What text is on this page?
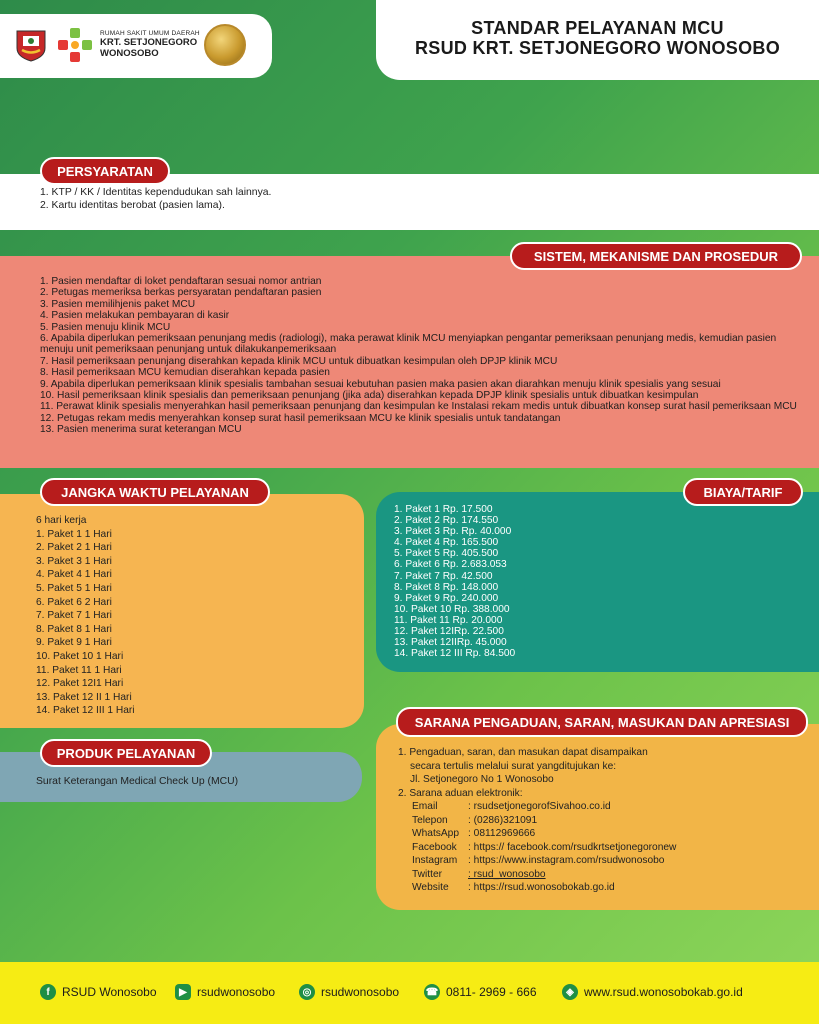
RUMAH SAKIT UMUM DAERAH
KRT. SETJONEGORO
WONOSOBO
STANDAR PELAYANAN MCU
RSUD KRT. SETJONEGORO WONOSOBO
1. KTP / KK / Identitas kependudukan sah lainnya.
2. Kartu identitas berobat (pasien lama).
PERSYARATAN
1. Pasien mendaftar di loket pendaftaran sesuai nomor antrian
2. Petugas memeriksa berkas persyaratan pendaftaran pasien
3. Pasien memilihjenis paket MCU
4. Pasien melakukan pembayaran di kasir
5. Pasien menuju klinik MCU
6. Apabila diperlukan pemeriksaan penunjang medis (radiologi), maka perawat klinik MCU menyiapkan pengantar pemeriksaan penunjang medis, kemudian pasien menuju unit pemeriksaan penunjang untuk dilakukanpemeriksaan
7. Hasil pemeriksaan penunjang diserahkan kepada klinik MCU untuk dibuatkan kesimpulan oleh DPJP klinik MCU
8. Hasil pemeriksaan MCU kemudian diserahkan kepada pasien
9. Apabila diperlukan pemeriksaan klinik spesialis tambahan sesuai kebutuhan pasien maka pasien akan diarahkan menuju klinik spesialis yang sesuai
10. Hasil pemeriksaan klinik spesialis dan pemeriksaan penunjang (jika ada) diserahkan kepada DPJP klinik spesialis untuk dibuatkan kesimpulan
11. Perawat klinik spesialis menyerahkan hasil pemeriksaan penunjang dan kesimpulan ke Instalasi rekam medis untuk dibuatkan konsep surat hasil pemeriksaan MCU
12. Petugas rekam medis menyerahkan konsep surat hasil pemeriksaan MCU ke klinik spesialis untuk tandatangan
13. Pasien menerima surat keterangan MCU
SISTEM, MEKANISME DAN PROSEDUR
6 hari kerja
1. Paket 1 1 Hari
2. Paket 2 1 Hari
3. Paket 3 1 Hari
4. Paket 4 1 Hari
5. Paket 5 1 Hari
6. Paket 6 2 Hari
7. Paket 7 1 Hari
8. Paket 8 1 Hari
9. Paket 9 1 Hari
10. Paket 10 1 Hari
11. Paket 11 1 Hari
12. Paket 12I1 Hari
13. Paket 12 II 1 Hari
14. Paket 12 III 1 Hari
JANGKA WAKTU PELAYANAN
1. Paket 1 Rp. 17.500
2. Paket 2 Rp. 174.550
3. Paket 3 Rp. Rp. 40.000
4. Paket 4 Rp. 165.500
5. Paket 5 Rp. 405.500
6. Paket 6 Rp. 2.683.053
7. Paket 7 Rp. 42.500
8. Paket 8 Rp. 148.000
9. Paket 9 Rp. 240.000
10. Paket 10 Rp. 388.000
11. Paket 11 Rp. 20.000
12. Paket 12IRp. 22.500
13. Paket 12IIRp. 45.000
14. Paket 12 III Rp. 84.500
BIAYA/TARIF
1. Pengaduan, saran, dan masukan dapat disampaikan
secara tertulis melalui surat yangditujukan ke:
Jl. Setjonegoro No 1 Wonosobo
2. Sarana aduan elektronik:
Email	: rsudsetjonegorofSivahoo.co.id
Telepon	: (0286)321091
WhatsApp : 08112969666
Facebook	: https:// facebook.com/rsudkrtsetjonegoronew
Instagram	: https://www.instagram.com/rsudwonosobo
Twitter	: rsud_wonosobo
Website	: https://rsud.wonosobokab.go.id
SARANA PENGADUAN, SARAN, MASUKAN DAN APRESIASI
Surat Keterangan Medical Check Up (MCU)
PRODUK PELAYANAN
f	RSUD Wonosobo	▶ rsudwonosobo	◎ rsudwonosobo	☎ 0811- 2969 - 666	◈ www.rsud.wonosobokab.go.id
